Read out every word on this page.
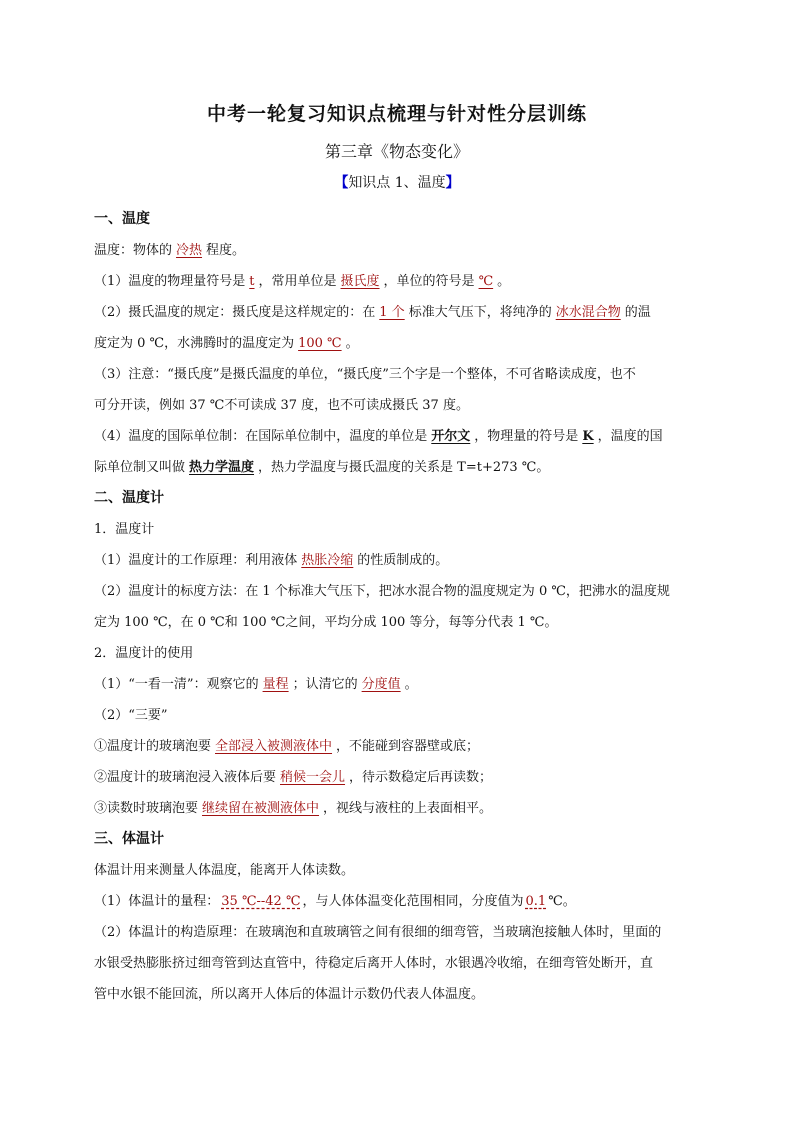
中考一轮复习知识点梳理与针对性分层训练
第三章《物态变化》
【知识点 1、温度】
一、温度
温度：物体的 冷热 程度。
（1）温度的物理量符号是 t ，常用单位是 摄氏度 ，单位的符号是 ℃ 。
（2）摄氏温度的规定：摄氏度是这样规定的：在 1 个 标准大气压下，将纯净的 冰水混合物 的温
度定为 0 ℃，水沸腾时的温度定为 100 ℃ 。
（3）注意：“摄氏度”是摄氏温度的单位，“摄氏度”三个字是一个整体，不可省略读成度，也不
可分开读，例如 37 ℃不可读成 37 度，也不可读成摄氏 37 度。
（4）温度的国际单位制：在国际单位制中，温度的单位是 开尔文 ，物理量的符号是 K ，温度的国
际单位制又叫做 热力学温度 ，热力学温度与摄氏温度的关系是 T=t+273 ℃。
二、温度计
1．温度计
（1）温度计的工作原理：利用液体 热胀冷缩 的性质制成的。
（2）温度计的标度方法：在 1 个标准大气压下，把冰水混合物的温度规定为 0 ℃，把沸水的温度规
定为 100 ℃，在 0 ℃和 100 ℃之间，平均分成 100 等分，每等分代表 1 ℃。
2．温度计的使用
（1）“一看一清”：观察它的 量程 ；认清它的 分度值 。
（2）“三要”
①温度计的玻璃泡要 全部浸入被测液体中 ，不能碰到容器壁或底；
②温度计的玻璃泡浸入液体后要 稍候一会儿 ，待示数稳定后再读数；
③读数时玻璃泡要 继续留在被测液体中 ，视线与液柱的上表面相平。
三、体温计
体温计用来测量人体温度，能离开人体读数。
（1）体温计的量程： 35 ℃--42 ℃ ，与人体体温变化范围相同，分度值为 0.1 ℃。
（2）体温计的构造原理：在玻璃泡和直玻璃管之间有很细的细弯管，当玻璃泡接触人体时，里面的
水银受热膨胀挤过细弯管到达直管中，待稳定后离开人体时，水银遇冷收缩，在细弯管处断开，直
管中水银不能回流，所以离开人体后的体温计示数仍代表人体温度。
